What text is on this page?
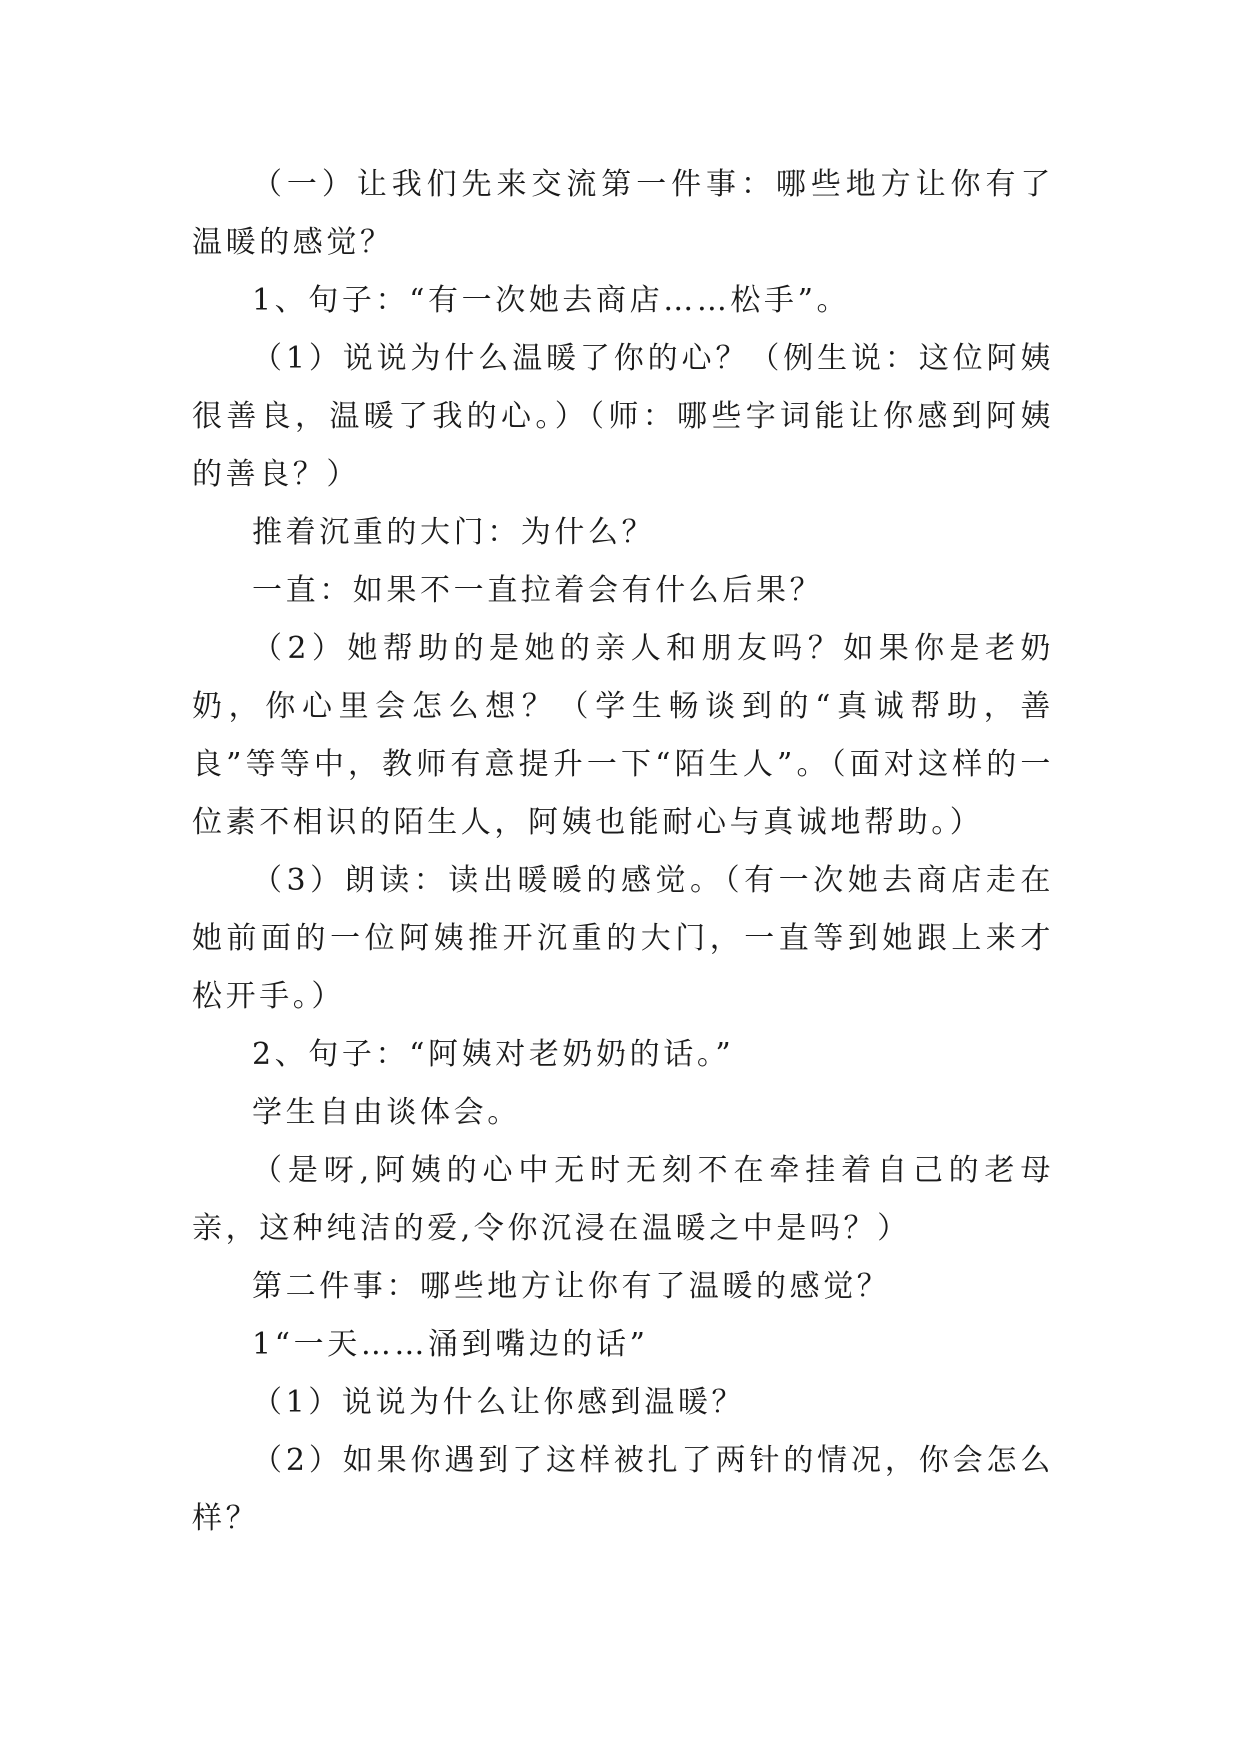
（一）让我们先来交流第一件事：哪些地方让你有了温暖的感觉？

1、句子：“有一次她去商店……松手”。

（1）说说为什么温暖了你的心？（例生说：这位阿姨很善良，温暖了我的心。）（师：哪些字词能让你感到阿姨的善良？）

推着沉重的大门：为什么？

一直：如果不一直拉着会有什么后果？

（2）她帮助的是她的亲人和朋友吗？如果你是老奶奶，你心里会怎么想？（学生畅谈到的“真诚帮助，善良”等等中，教师有意提升一下“陌生人”。（面对这样的一位素不相识的陌生人，阿姨也能耐心与真诚地帮助。）

（3）朗读：读出暖暖的感觉。（有一次她去商店走在她前面的一位阿姨推开沉重的大门，一直等到她跟上来才松开手。）

2、句子：“阿姨对老奶奶的话。”

学生自由谈体会。

（是呀,阿姨的心中无时无刻不在牵挂着自己的老母亲，这种纯洁的爱,令你沉浸在温暖之中是吗？）

第二件事：哪些地方让你有了温暖的感觉？

1“一天……涌到嘴边的话”

（1）说说为什么让你感到温暖？

（2）如果你遇到了这样被扎了两针的情况，你会怎么样？
